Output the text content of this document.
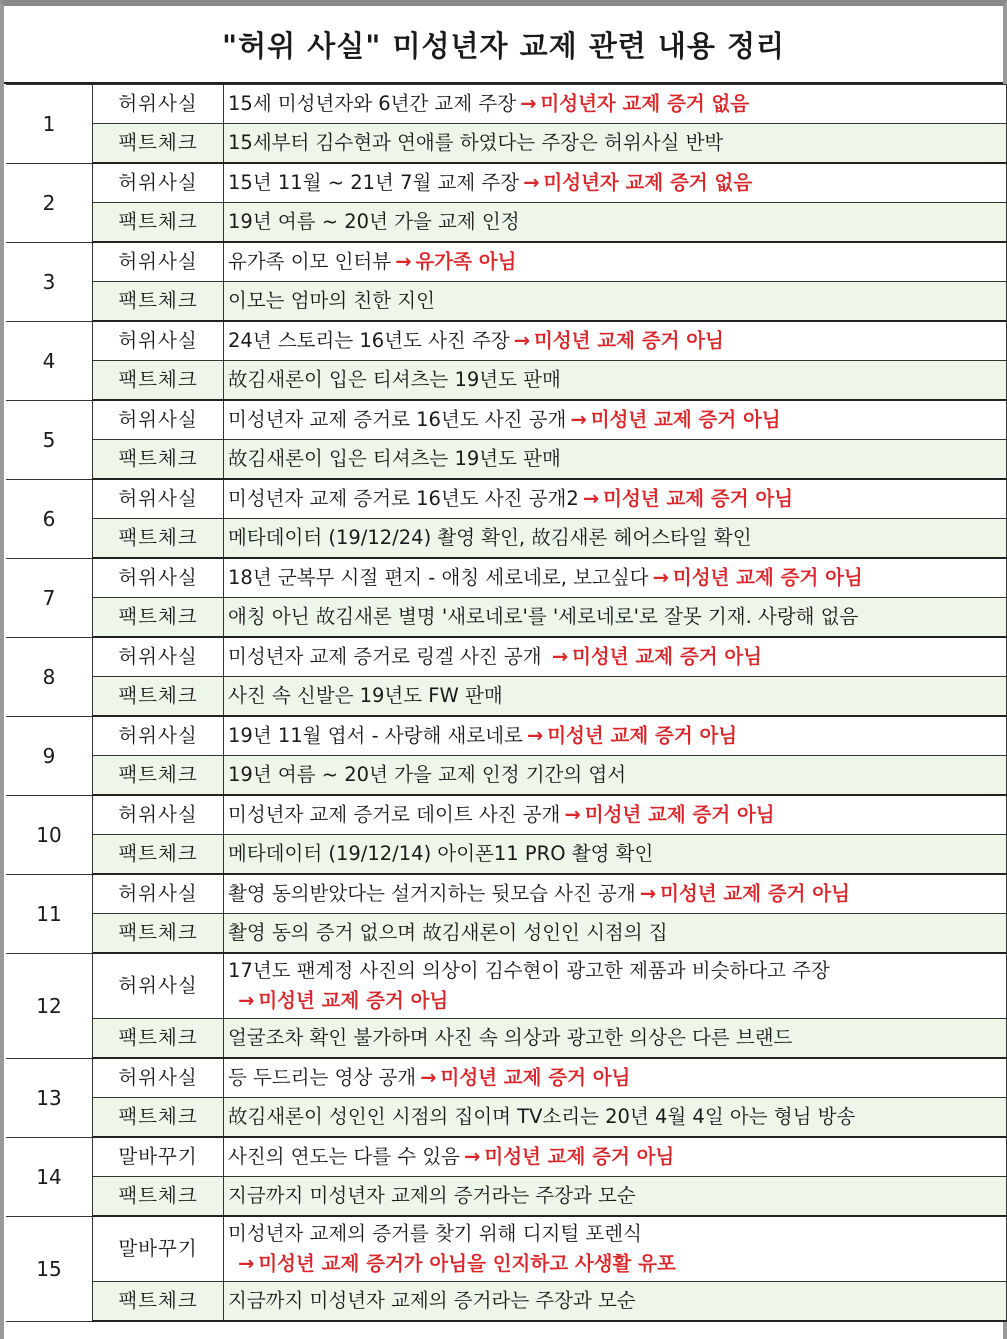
"허위 사실" 미성년자 교제 관련 내용 정리
1	허위사실	15세 미성년자와 6년간 교제 주장 → 미성년자 교제 증거 없음
	팩트체크	15세부터 김수현과 연애를 하였다는 주장은 허위사실 반박
2	허위사실	15년 11월 ~ 21년 7월 교제 주장 → 미성년자 교제 증거 없음
	팩트체크	19년 여름 ~ 20년 가을 교제 인정
3	허위사실	유가족 이모 인터뷰 → 유가족 아님
	팩트체크	이모는 엄마의 친한 지인
4	허위사실	24년 스토리는 16년도 사진 주장 → 미성년 교제 증거 아님
	팩트체크	故김새론이 입은 티셔츠는 19년도 판매
5	허위사실	미성년자 교제 증거로 16년도 사진 공개 → 미성년 교제 증거 아님
	팩트체크	故김새론이 입은 티셔츠는 19년도 판매
6	허위사실	미성년자 교제 증거로 16년도 사진 공개2 → 미성년 교제 증거 아님
	팩트체크	메타데이터 (19/12/24) 촬영 확인, 故김새론 헤어스타일 확인
7	허위사실	18년 군복무 시절 편지 - 애칭 세로네로, 보고싶다 → 미성년 교제 증거 아님
	팩트체크	애칭 아닌 故김새론 별명 '새로네로'를 '세로네로'로 잘못 기재. 사랑해 없음
8	허위사실	미성년자 교제 증거로 링겔 사진 공개 → 미성년 교제 증거 아님
	팩트체크	사진 속 신발은 19년도 FW 판매
9	허위사실	19년 11월 엽서 - 사랑해 새로네로 → 미성년 교제 증거 아님
	팩트체크	19년 여름 ~ 20년 가을 교제 인정 기간의 엽서
10	허위사실	미성년자 교제 증거로 데이트 사진 공개 → 미성년 교제 증거 아님
	팩트체크	메타데이터 (19/12/14) 아이폰11 PRO 촬영 확인
11	허위사실	촬영 동의받았다는 설거지하는 뒷모습 사진 공개 → 미성년 교제 증거 아님
	팩트체크	촬영 동의 증거 없으며 故김새론이 성인인 시점의 집
12	허위사실	17년도 팬계정 사진의 의상이 김수현이 광고한 제품과 비슷하다고 주장
→ 미성년 교제 증거 아님

	팩트체크	얼굴조차 확인 불가하며 사진 속 의상과 광고한 의상은 다른 브랜드
13	허위사실	등 두드리는 영상 공개 → 미성년 교제 증거 아님
	팩트체크	故김새론이 성인인 시점의 집이며 TV소리는 20년 4월 4일 아는 형님 방송
14	말바꾸기	사진의 연도는 다를 수 있음 → 미성년 교제 증거 아님
	팩트체크	지금까지 미성년자 교제의 증거라는 주장과 모순
15	말바꾸기	미성년자 교제의 증거를 찾기 위해 디지털 포렌식
→ 미성년 교제 증거가 아님을 인지하고 사생활 유포

	팩트체크	지금까지 미성년자 교제의 증거라는 주장과 모순
